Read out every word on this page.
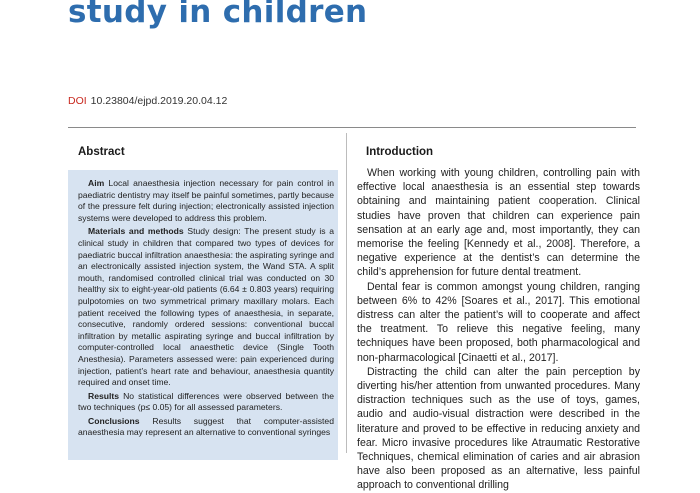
study in children
DOI 10.23804/ejpd.2019.20.04.12
Abstract	Introduction

Aim Local anaesthesia injection necessary for pain control in paediatric dentistry may itself be painful sometimes, partly because of the pressure felt during injection; electronically assisted injection systems were developed to address this problem.

Materials and methods Study design: The present study is a clinical study in children that compared two types of devices for paediatric buccal infiltration anaesthesia: the aspirating syringe and an electronically assisted injection system, the Wand STA. A split mouth, randomised controlled clinical trial was conducted on 30 healthy six to eight-year-old patients (6.64 ± 0.803 years) requiring pulpotomies on two symmetrical primary maxillary molars. Each patient received the following types of anaesthesia, in separate, consecutive, randomly ordered sessions: conventional buccal infiltration by metallic aspirating syringe and buccal infiltration by computer-controlled local anaesthetic device (Single Tooth Anesthesia). Parameters assessed were: pain experienced during injection, patient’s heart rate and behaviour, anaesthesia quantity required and onset time.

Results No statistical differences were observed between the two techniques (p≤ 0.05) for all assessed parameters.

Conclusions Results suggest that computer-assisted anaesthesia may represent an alternative to conventional syringes

When working with young children, controlling pain with effective local anaesthesia is an essential step towards obtaining and maintaining patient cooperation. Clinical studies have proven that children can experience pain sensation at an early age and, most importantly, they can memorise the feeling [Kennedy et al., 2008]. Therefore, a negative experience at the dentist’s can determine the child’s apprehension for future dental treatment.

Dental fear is common amongst young children, ranging between 6% to 42% [Soares et al., 2017]. This emotional distress can alter the patient’s will to cooperate and affect the treatment. To relieve this negative feeling, many techniques have been proposed, both pharmacological and non-pharmacological [Cinaetti et al., 2017].

Distracting the child can alter the pain perception by diverting his/her attention from unwanted procedures. Many distraction techniques such as the use of toys, games, audio and audio-visual distraction were described in the literature and proved to be effective in reducing anxiety and fear. Micro invasive procedures like Atraumatic Restorative Techniques, chemical elimination of caries and air abrasion have also been proposed as an alternative, less painful approach to conventional drilling
